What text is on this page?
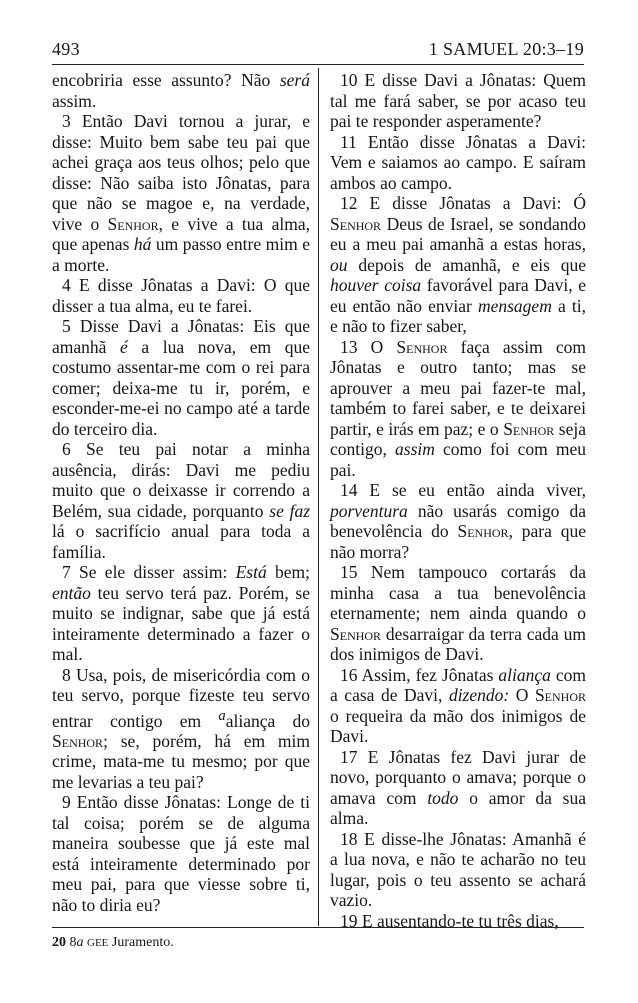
493	1 SAMUEL 20:3–19

encobriria esse assunto? Não será assim.

3 Então Davi tornou a jurar, e disse: Muito bem sabe teu pai que achei graça aos teus olhos; pelo que disse: Não saiba isto Jônatas, para que não se magoe e, na verdade, vive o Senhor, e vive a tua alma, que apenas há um passo entre mim e a morte.

4 E disse Jônatas a Davi: O que disser a tua alma, eu te farei.

5 Disse Davi a Jônatas: Eis que amanhã é a lua nova, em que costumo assentar-me com o rei para comer; deixa-me tu ir, porém, e esconder-me-ei no campo até a tarde do terceiro dia.

6 Se teu pai notar a minha ausência, dirás: Davi me pediu muito que o deixasse ir correndo a Belém, sua cidade, porquanto se faz lá o sacrifício anual para toda a família.

7 Se ele disser assim: Está bem; então teu servo terá paz. Porém, se muito se indignar, sabe que já está inteiramente determinado a fazer o mal.

8 Usa, pois, de misericórdia com o teu servo, porque fizeste teu servo entrar contigo em $^a$aliança do Senhor; se, porém, há em mim crime, mata-me tu mesmo; por que me levarias a teu pai?

9 Então disse Jônatas: Longe de ti tal coisa; porém se de alguma maneira soubesse que já este mal está inteiramente determinado por meu pai, para que viesse sobre ti, não to diria eu?

10 E disse Davi a Jônatas: Quem tal me fará saber, se por acaso teu pai te responder asperamente?

11 Então disse Jônatas a Davi: Vem e saiamos ao campo. E saíram ambos ao campo.

12 E disse Jônatas a Davi: Ó Senhor Deus de Israel, se sondando eu a meu pai amanhã a estas horas, ou depois de amanhã, e eis que houver coisa favorável para Davi, e eu então não enviar mensagem a ti, e não to fizer saber,

13 O Senhor faça assim com Jônatas e outro tanto; mas se aprouver a meu pai fazer-te mal, também to farei saber, e te deixarei partir, e irás em paz; e o Senhor seja contigo, assim como foi com meu pai.

14 E se eu então ainda viver, porventura não usarás comigo da benevolência do Senhor, para que não morra?

15 Nem tampouco cortarás da minha casa a tua benevolência eternamente; nem ainda quando o Senhor desarraigar da terra cada um dos inimigos de Davi.

16 Assim, fez Jônatas aliança com a casa de Davi, dizendo: O Senhor o requeira da mão dos inimigos de Davi.

17 E Jônatas fez Davi jurar de novo, porquanto o amava; porque o amava com todo o amor da sua alma.

18 E disse-lhe Jônatas: Amanhã é a lua nova, e não te acharão no teu lugar, pois o teu assento se achará vazio.

19 E ausentando-te tu três dias,

20 8a GEE Juramento.
